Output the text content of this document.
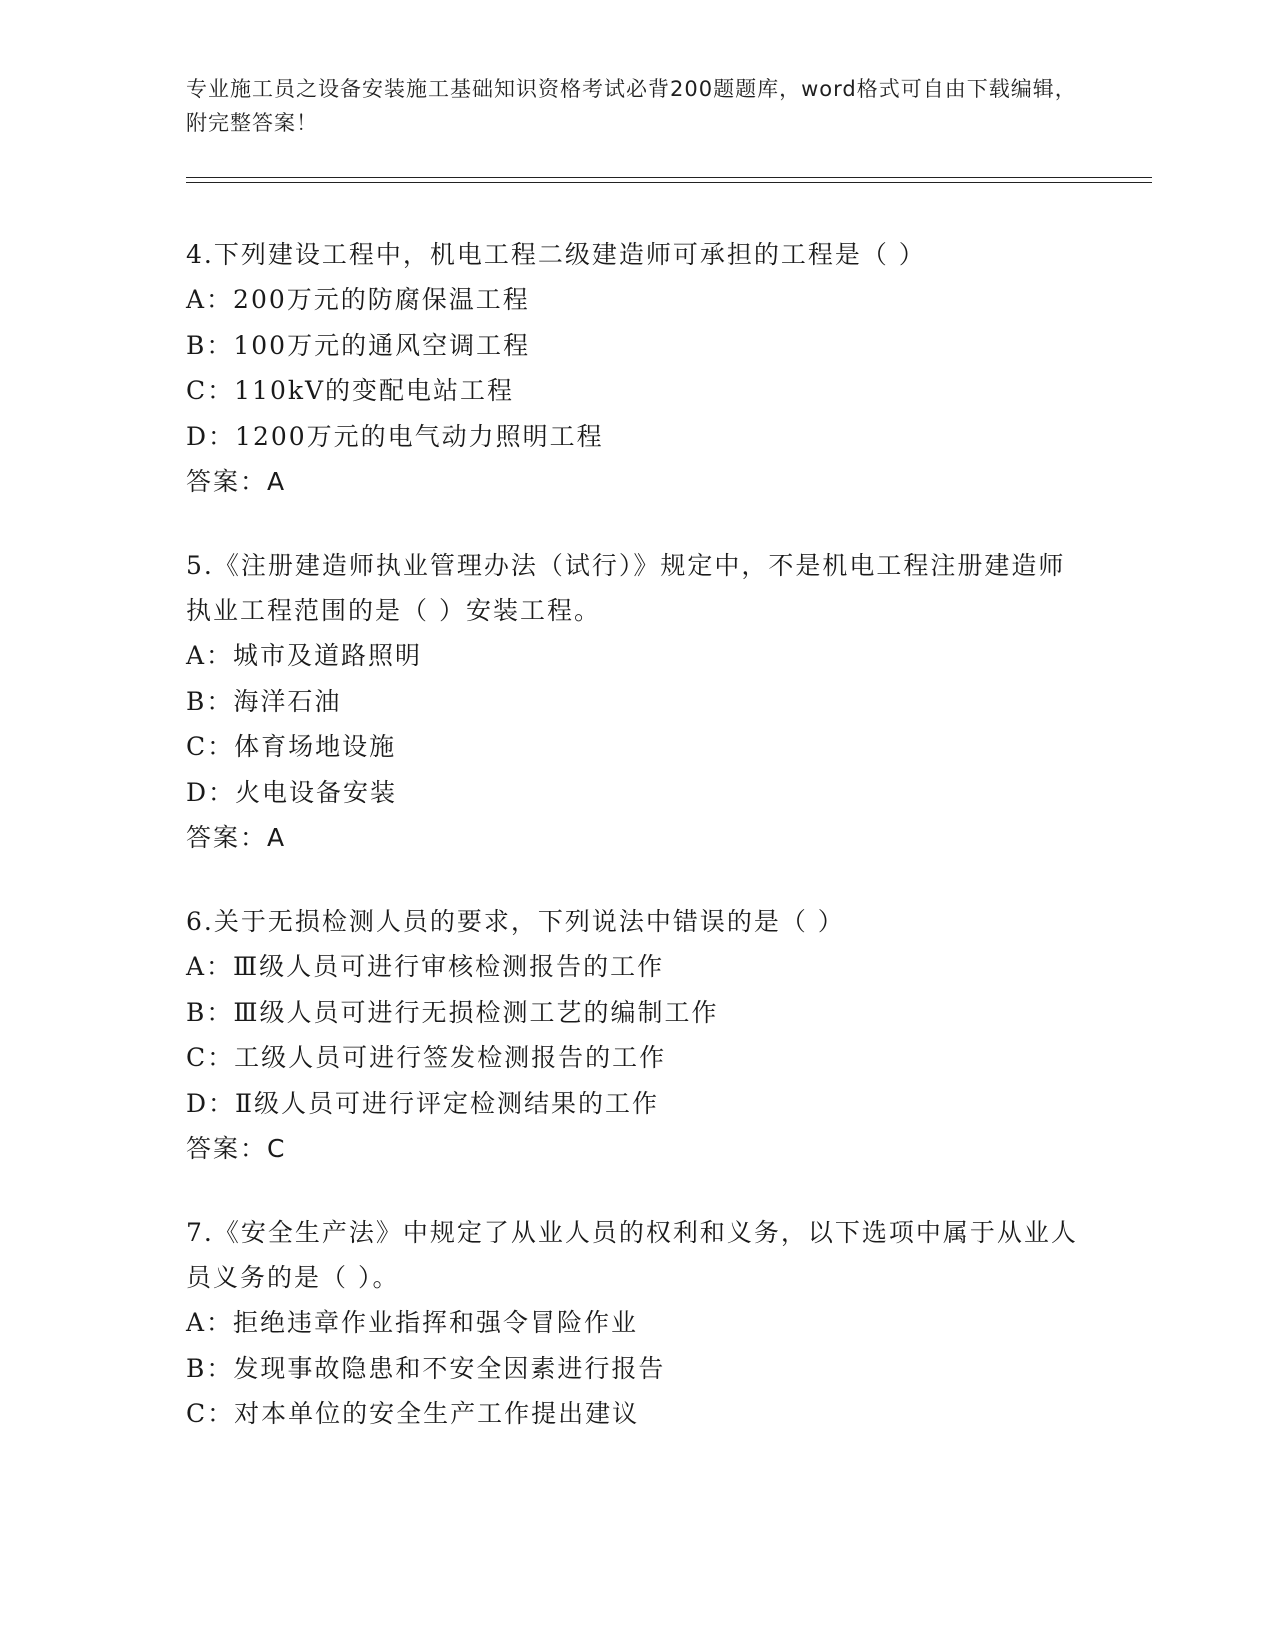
专业施工员之设备安装施工基础知识资格考试必背200题题库，word格式可自由下载编辑，附完整答案！

4.下列建设工程中，机电工程二级建造师可承担的工程是（ ）

A：200万元的防腐保温工程

B：100万元的通风空调工程

C：110kV的变配电站工程

D：1200万元的电气动力照明工程

答案：A

5.《注册建造师执业管理办法（试行）》规定中，不是机电工程注册建造师执业工程范围的是（ ）安装工程。

A：城市及道路照明

B：海洋石油

C：体育场地设施

D：火电设备安装

答案：A

6.关于无损检测人员的要求，下列说法中错误的是（ ）

A：Ⅲ级人员可进行审核检测报告的工作

B：Ⅲ级人员可进行无损检测工艺的编制工作

C：工级人员可进行签发检测报告的工作

D：Ⅱ级人员可进行评定检测结果的工作

答案：C

7.《安全生产法》中规定了从业人员的权利和义务，以下选项中属于从业人员义务的是（ ）。

A：拒绝违章作业指挥和强令冒险作业

B：发现事故隐患和不安全因素进行报告

C：对本单位的安全生产工作提出建议
